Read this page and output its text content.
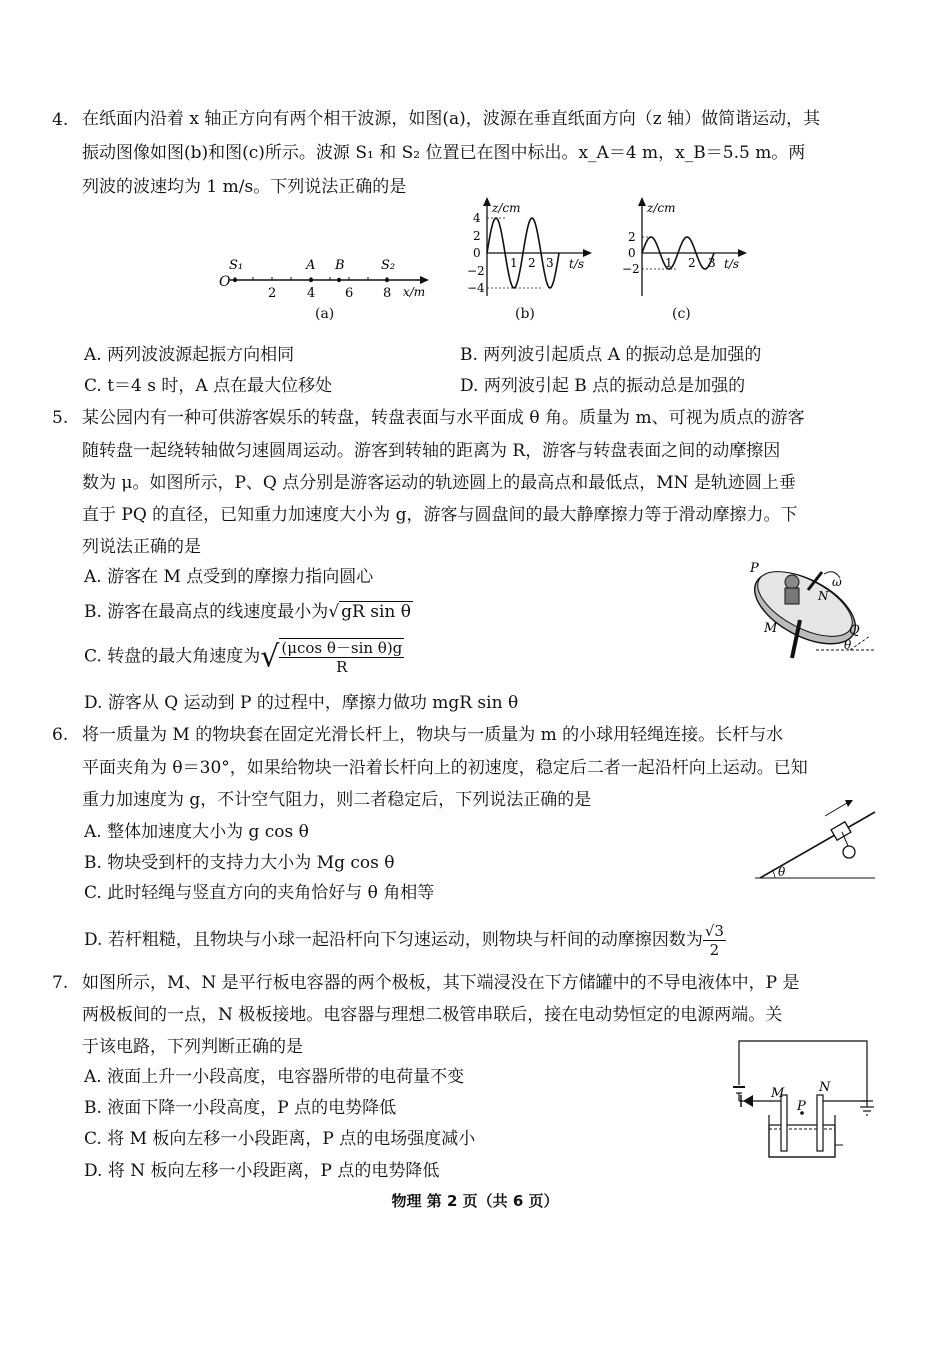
4. 在纸面内沿着 x 轴正方向有两个相干波源，如图(a)，波源在垂直纸面方向（z 轴）做简谐运动，其
振动图像如图(b)和图(c)所示。波源 S₁ 和 S₂ 位置已在图中标出。x_A＝4 m，x_B＝5.5 m。两
列波的波速均为 1 m/s。下列说法正确的是
O
S₁	A B	S₂
2 4 6 8 x/m
(a)
z/cm
t/s
4
2
0
−2
−4
1 2 3
(b)
z/cm
t/s
2
0
−2 1 2 3
(c)
A. 两列波波源起振方向相同	B. 两列波引起质点 A 的振动总是加强的
C. t＝4 s 时，A 点在最大位移处	D. 两列波引起 B 点的振动总是加强的
5. 某公园内有一种可供游客娱乐的转盘，转盘表面与水平面成 θ 角。质量为 m、可视为质点的游客
随转盘一起绕转轴做匀速圆周运动。游客到转轴的距离为 R，游客与转盘表面之间的动摩擦因
数为 μ。如图所示，P、Q 点分别是游客运动的轨迹圆上的最高点和最低点，MN 是轨迹圆上垂
直于 PQ 的直径，已知重力加速度大小为 g，游客与圆盘间的最大静摩擦力等于滑动摩擦力。下
列说法正确的是
P
N
ω
M	Q
θ
A. 游客在 M 点受到的摩擦力指向圆心
B. 游客在最高点的线速度最小为√ gR sin θ
C. 转盘的最大角速度为√ $\frac{\text{(μcos θ－sin θ)g}}{R}$
D. 游客从 Q 运动到 P 的过程中，摩擦力做功 mgR sin θ
6. 将一质量为 M 的物块套在固定光滑长杆上，物块与一质量为 m 的小球用轻绳连接。长杆与水
平面夹角为 θ＝30°，如果给物块一沿着长杆向上的初速度，稳定后二者一起沿杆向上运动。已知
重力加速度为 g，不计空气阻力，则二者稳定后，下列说法正确的是
θ
A. 整体加速度大小为 g cos θ
B. 物块受到杆的支持力大小为 Mg cos θ
C. 此时轻绳与竖直方向的夹角恰好与 θ 角相等
D. 若杆粗糙，且物块与小球一起沿杆向下匀速运动，则物块与杆间的动摩擦因数为 $\frac{√3}{2}$
7. 如图所示，M、N 是平行板电容器的两个极板，其下端浸没在下方储罐中的不导电液体中，P 是
两极板间的一点，N 极板接地。电容器与理想二极管串联后，接在电动势恒定的电源两端。关
于该电路，下列判断正确的是
M
P
N
A. 液面上升一小段高度，电容器所带的电荷量不变
B. 液面下降一小段高度，P 点的电势降低
C. 将 M 板向左移一小段距离，P 点的电场强度减小
D. 将 N 板向左移一小段距离，P 点的电势降低
物理 第 2 页（共 6 页）
